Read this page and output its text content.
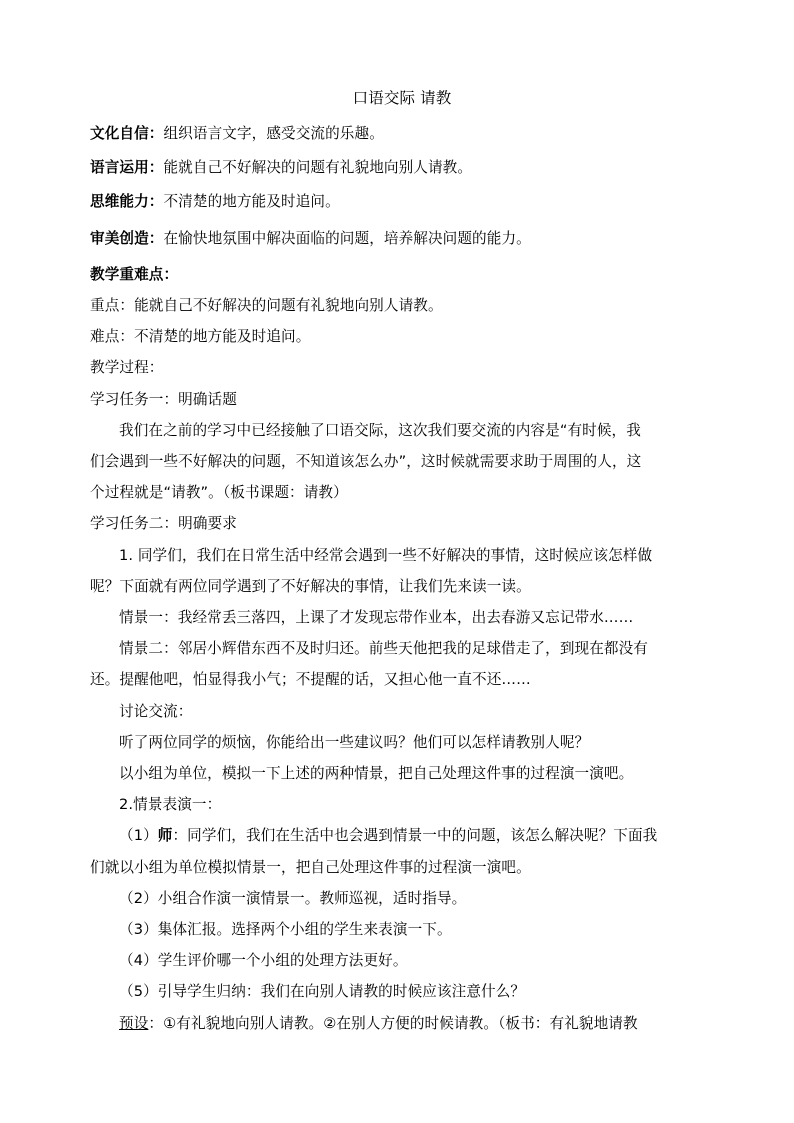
口语交际 请教
文化自信：组织语言文字，感受交流的乐趣。
语言运用：能就自己不好解决的问题有礼貌地向别人请教。
思维能力：不清楚的地方能及时追问。
审美创造：在愉快地氛围中解决面临的问题，培养解决问题的能力。
教学重难点：
重点：能就自己不好解决的问题有礼貌地向别人请教。
难点：不清楚的地方能及时追问。
教学过程：
学习任务一：明确话题
我们在之前的学习中已经接触了口语交际，这次我们要交流的内容是“有时候，我
们会遇到一些不好解决的问题，不知道该怎么办”，这时候就需要求助于周围的人，这
个过程就是“请教”。（板书课题：请教）
学习任务二：明确要求
1. 同学们，我们在日常生活中经常会遇到一些不好解决的事情，这时候应该怎样做
呢？下面就有两位同学遇到了不好解决的事情，让我们先来读一读。
情景一：我经常丢三落四，上课了才发现忘带作业本，出去春游又忘记带水……
情景二：邻居小辉借东西不及时归还。前些天他把我的足球借走了，到现在都没有
还。提醒他吧，怕显得我小气；不提醒的话，又担心他一直不还……
讨论交流：
听了两位同学的烦恼，你能给出一些建议吗？他们可以怎样请教别人呢？
以小组为单位，模拟一下上述的两种情景，把自己处理这件事的过程演一演吧。
2.情景表演一：
（1）师：同学们，我们在生活中也会遇到情景一中的问题，该怎么解决呢？下面我
们就以小组为单位模拟情景一，把自己处理这件事的过程演一演吧。
（2）小组合作演一演情景一。教师巡视，适时指导。
（3）集体汇报。选择两个小组的学生来表演一下。
（4）学生评价哪一个小组的处理方法更好。
（5）引导学生归纳：我们在向别人请教的时候应该注意什么？
预设：①有礼貌地向别人请教。②在别人方便的时候请教。（板书：有礼貌地请教
